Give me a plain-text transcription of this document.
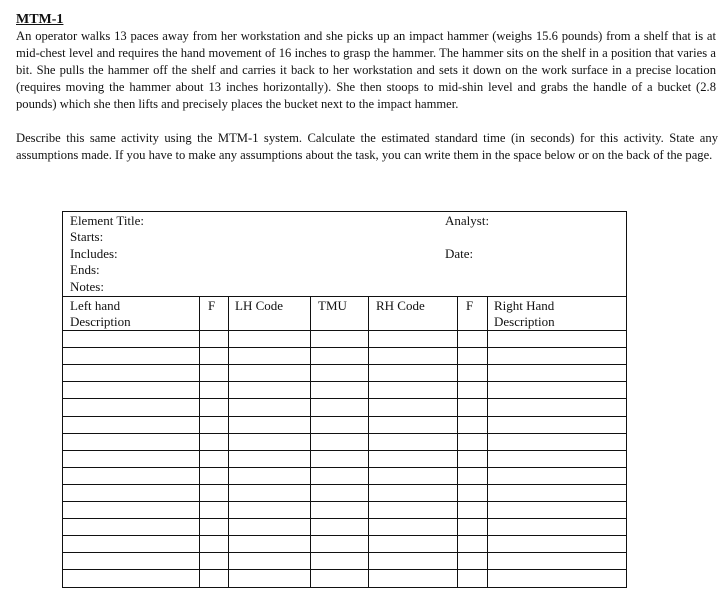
MTM-1

An operator walks 13 paces away from her workstation and she picks up an impact hammer (weighs 15.6 pounds) from a shelf that is at mid-chest level and requires the hand movement of 16 inches to grasp the hammer. The hammer sits on the shelf in a position that varies a bit. She pulls the hammer off the shelf and carries it back to her workstation and sets it down on the work surface in a precise location (requires moving the hammer about 13 inches horizontally). She then stoops to mid-shin level and grabs the handle of a bucket (2.8 pounds) which she then lifts and precisely places the bucket next to the impact hammer.

Describe this same activity using the MTM-1 system. Calculate the estimated standard time (in seconds) for this activity. State any assumptions made. If you have to make any assumptions about the task, you can write them in the space below or on the back of the page.

Element Title:
Starts:
Includes:
Ends:
Notes:
Analyst:
Date:
Left hand
Description
F LH Code	TMU RH Code	F Right Hand
Description
